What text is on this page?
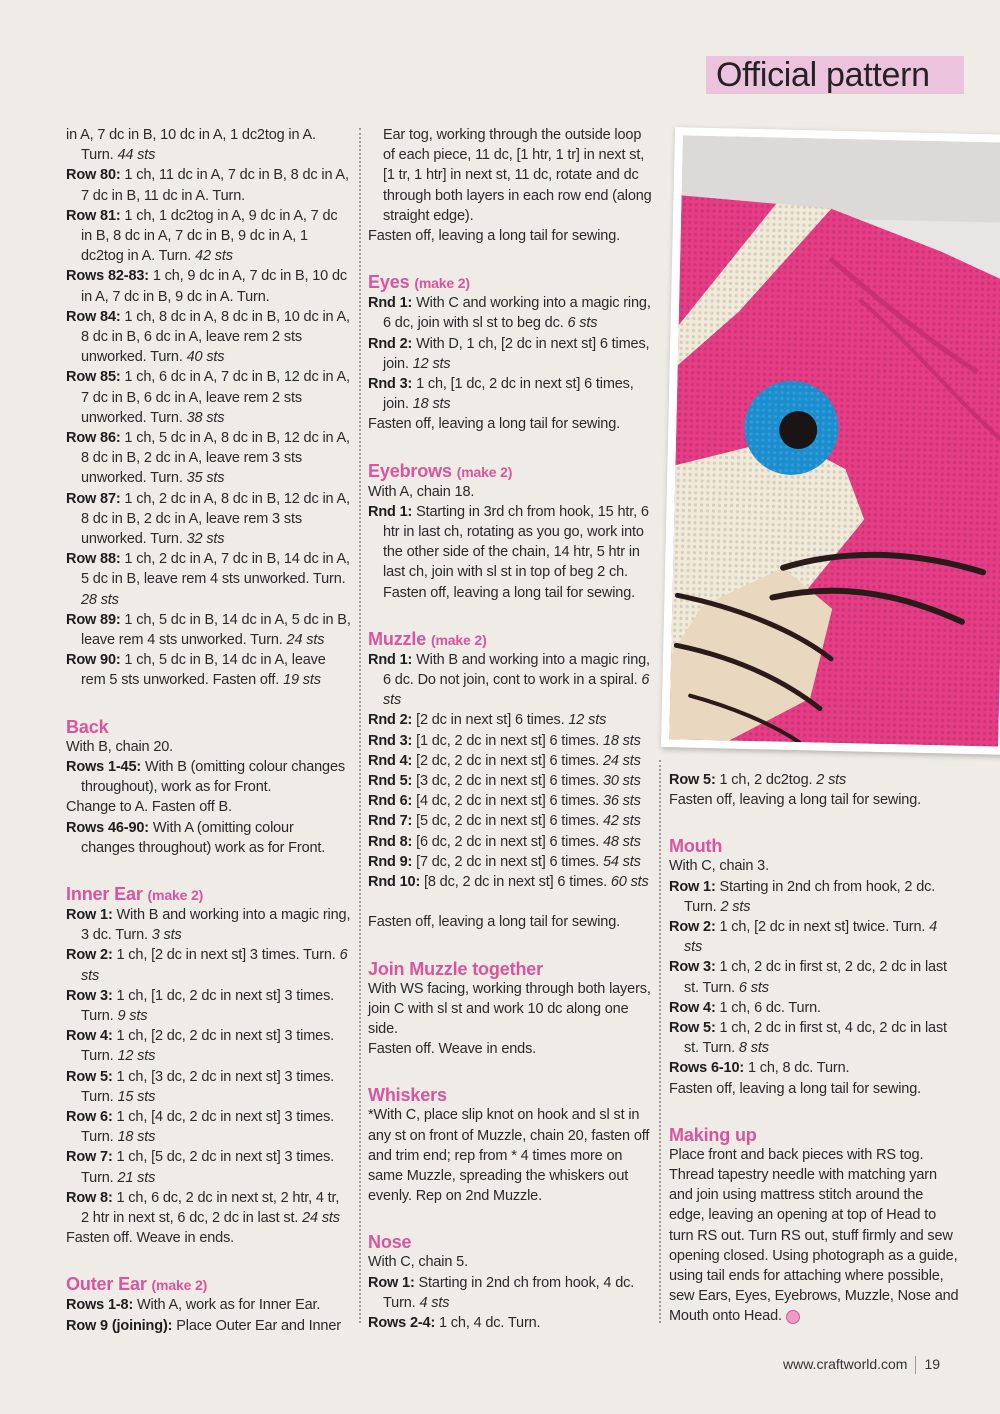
Official pattern

in A, 7 dc in B, 10 dc in A, 1 dc2tog in A. Turn. 44 sts

Row 80: 1 ch, 11 dc in A, 7 dc in B, 8 dc in A, 7 dc in B, 11 dc in A. Turn.

Row 81: 1 ch, 1 dc2tog in A, 9 dc in A, 7 dc in B, 8 dc in A, 7 dc in B, 9 dc in A, 1 dc2tog in A. Turn. 42 sts

Rows 82-83: 1 ch, 9 dc in A, 7 dc in B, 10 dc in A, 7 dc in B, 9 dc in A. Turn.

Row 84: 1 ch, 8 dc in A, 8 dc in B, 10 dc in A, 8 dc in B, 6 dc in A, leave rem 2 sts unworked. Turn. 40 sts

Row 85: 1 ch, 6 dc in A, 7 dc in B, 12 dc in A, 7 dc in B, 6 dc in A, leave rem 2 sts unworked. Turn. 38 sts

Row 86: 1 ch, 5 dc in A, 8 dc in B, 12 dc in A, 8 dc in B, 2 dc in A, leave rem 3 sts unworked. Turn. 35 sts

Row 87: 1 ch, 2 dc in A, 8 dc in B, 12 dc in A, 8 dc in B, 2 dc in A, leave rem 3 sts unworked. Turn. 32 sts

Row 88: 1 ch, 2 dc in A, 7 dc in B, 14 dc in A, 5 dc in B, leave rem 4 sts unworked. Turn. 28 sts

Row 89: 1 ch, 5 dc in B, 14 dc in A, 5 dc in B, leave rem 4 sts unworked. Turn. 24 sts

Row 90: 1 ch, 5 dc in B, 14 dc in A, leave rem 5 sts unworked. Fasten off. 19 sts

Back

With B, chain 20.

Rows 1-45: With B (omitting colour changes throughout), work as for Front.

Change to A. Fasten off B.

Rows 46-90: With A (omitting colour changes throughout) work as for Front.

Inner Ear (make 2)

Row 1: With B and working into a magic ring, 3 dc. Turn. 3 sts

Row 2: 1 ch, [2 dc in next st] 3 times. Turn. 6 sts

Row 3: 1 ch, [1 dc, 2 dc in next st] 3 times. Turn. 9 sts

Row 4: 1 ch, [2 dc, 2 dc in next st] 3 times. Turn. 12 sts

Row 5: 1 ch, [3 dc, 2 dc in next st] 3 times. Turn. 15 sts

Row 6: 1 ch, [4 dc, 2 dc in next st] 3 times. Turn. 18 sts

Row 7: 1 ch, [5 dc, 2 dc in next st] 3 times. Turn. 21 sts

Row 8: 1 ch, 6 dc, 2 dc in next st, 2 htr, 4 tr, 2 htr in next st, 6 dc, 2 dc in last st. 24 sts

Fasten off. Weave in ends.

Outer Ear (make 2)

Rows 1-8: With A, work as for Inner Ear.

Row 9 (joining): Place Outer Ear and Inner

Ear tog, working through the outside loop of each piece, 11 dc, [1 htr, 1 tr] in next st, [1 tr, 1 htr] in next st, 11 dc, rotate and dc through both layers in each row end (along straight edge).

Fasten off, leaving a long tail for sewing.

Eyes (make 2)

Rnd 1: With C and working into a magic ring, 6 dc, join with sl st to beg dc. 6 sts

Rnd 2: With D, 1 ch, [2 dc in next st] 6 times, join. 12 sts

Rnd 3: 1 ch, [1 dc, 2 dc in next st] 6 times, join. 18 sts

Fasten off, leaving a long tail for sewing.

Eyebrows (make 2)

With A, chain 18.

Rnd 1: Starting in 3rd ch from hook, 15 htr, 6 htr in last ch, rotating as you go, work into the other side of the chain, 14 htr, 5 htr in last ch, join with sl st in top of beg 2 ch. Fasten off, leaving a long tail for sewing.

Muzzle (make 2)

Rnd 1: With B and working into a magic ring, 6 dc. Do not join, cont to work in a spiral. 6 sts

Rnd 2: [2 dc in next st] 6 times. 12 sts

Rnd 3: [1 dc, 2 dc in next st] 6 times. 18 sts

Rnd 4: [2 dc, 2 dc in next st] 6 times. 24 sts

Rnd 5: [3 dc, 2 dc in next st] 6 times. 30 sts

Rnd 6: [4 dc, 2 dc in next st] 6 times. 36 sts

Rnd 7: [5 dc, 2 dc in next st] 6 times. 42 sts

Rnd 8: [6 dc, 2 dc in next st] 6 times. 48 sts

Rnd 9: [7 dc, 2 dc in next st] 6 times. 54 sts

Rnd 10: [8 dc, 2 dc in next st] 6 times. 60 sts

Fasten off, leaving a long tail for sewing.

Join Muzzle together

With WS facing, working through both layers, join C with sl st and work 10 dc along one side.

Fasten off. Weave in ends.

Whiskers

*With C, place slip knot on hook and sl st in any st on front of Muzzle, chain 20, fasten off and trim end; rep from * 4 times more on same Muzzle, spreading the whiskers out evenly. Rep on 2nd Muzzle.

Nose

With C, chain 5.

Row 1: Starting in 2nd ch from hook, 4 dc. Turn. 4 sts

Rows 2-4: 1 ch, 4 dc. Turn.

Row 5: 1 ch, 2 dc2tog. 2 sts

Fasten off, leaving a long tail for sewing.

Mouth

With C, chain 3.

Row 1: Starting in 2nd ch from hook, 2 dc. Turn. 2 sts

Row 2: 1 ch, [2 dc in next st] twice. Turn. 4 sts

Row 3: 1 ch, 2 dc in first st, 2 dc, 2 dc in last st. Turn. 6 sts

Row 4: 1 ch, 6 dc. Turn.

Row 5: 1 ch, 2 dc in first st, 4 dc, 2 dc in last st. Turn. 8 sts

Rows 6-10: 1 ch, 8 dc. Turn.

Fasten off, leaving a long tail for sewing.

Making up

Place front and back pieces with RS tog. Thread tapestry needle with matching yarn and join using mattress stitch around the edge, leaving an opening at top of Head to turn RS out. Turn RS out, stuff firmly and sew opening closed. Using photograph as a guide, using tail ends for attaching where possible, sew Ears, Eyes, Eyebrows, Muzzle, Nose and Mouth onto Head.

www.craftworld.com 19
